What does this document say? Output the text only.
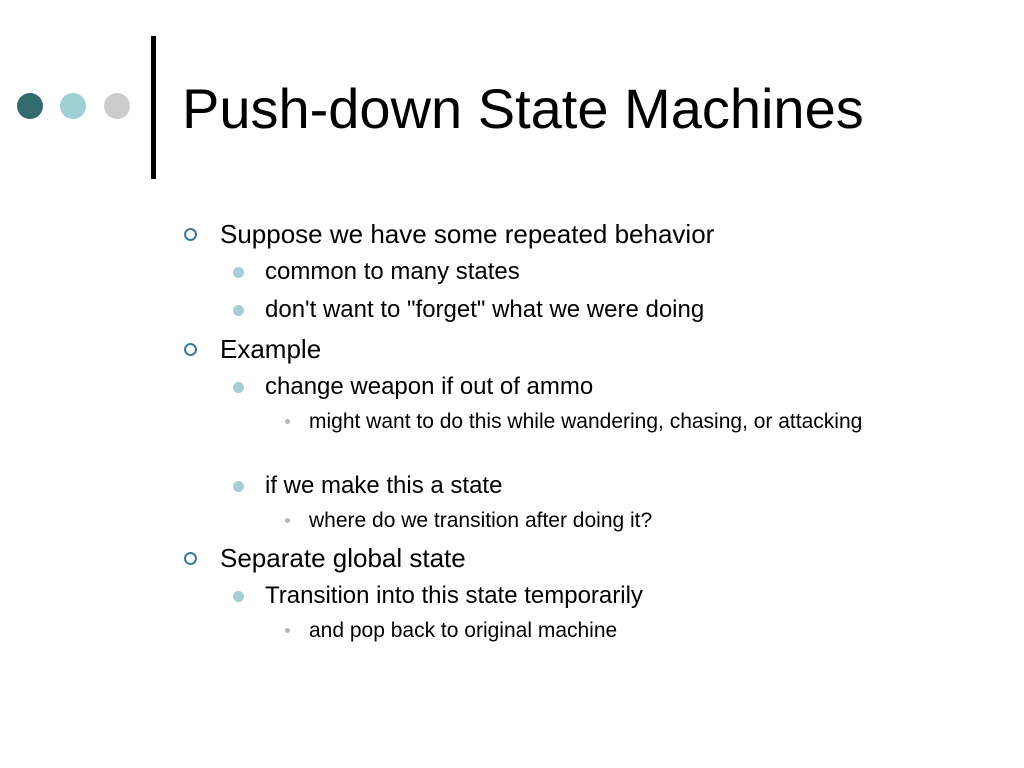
Push-down State Machines
Suppose we have some repeated behavior
common to many states
don't want to "forget" what we were doing
Example
change weapon if out of ammo
might want to do this while wandering, chasing, or attacking
if we make this a state
where do we transition after doing it?
Separate global state
Transition into this state temporarily
and pop back to original machine
